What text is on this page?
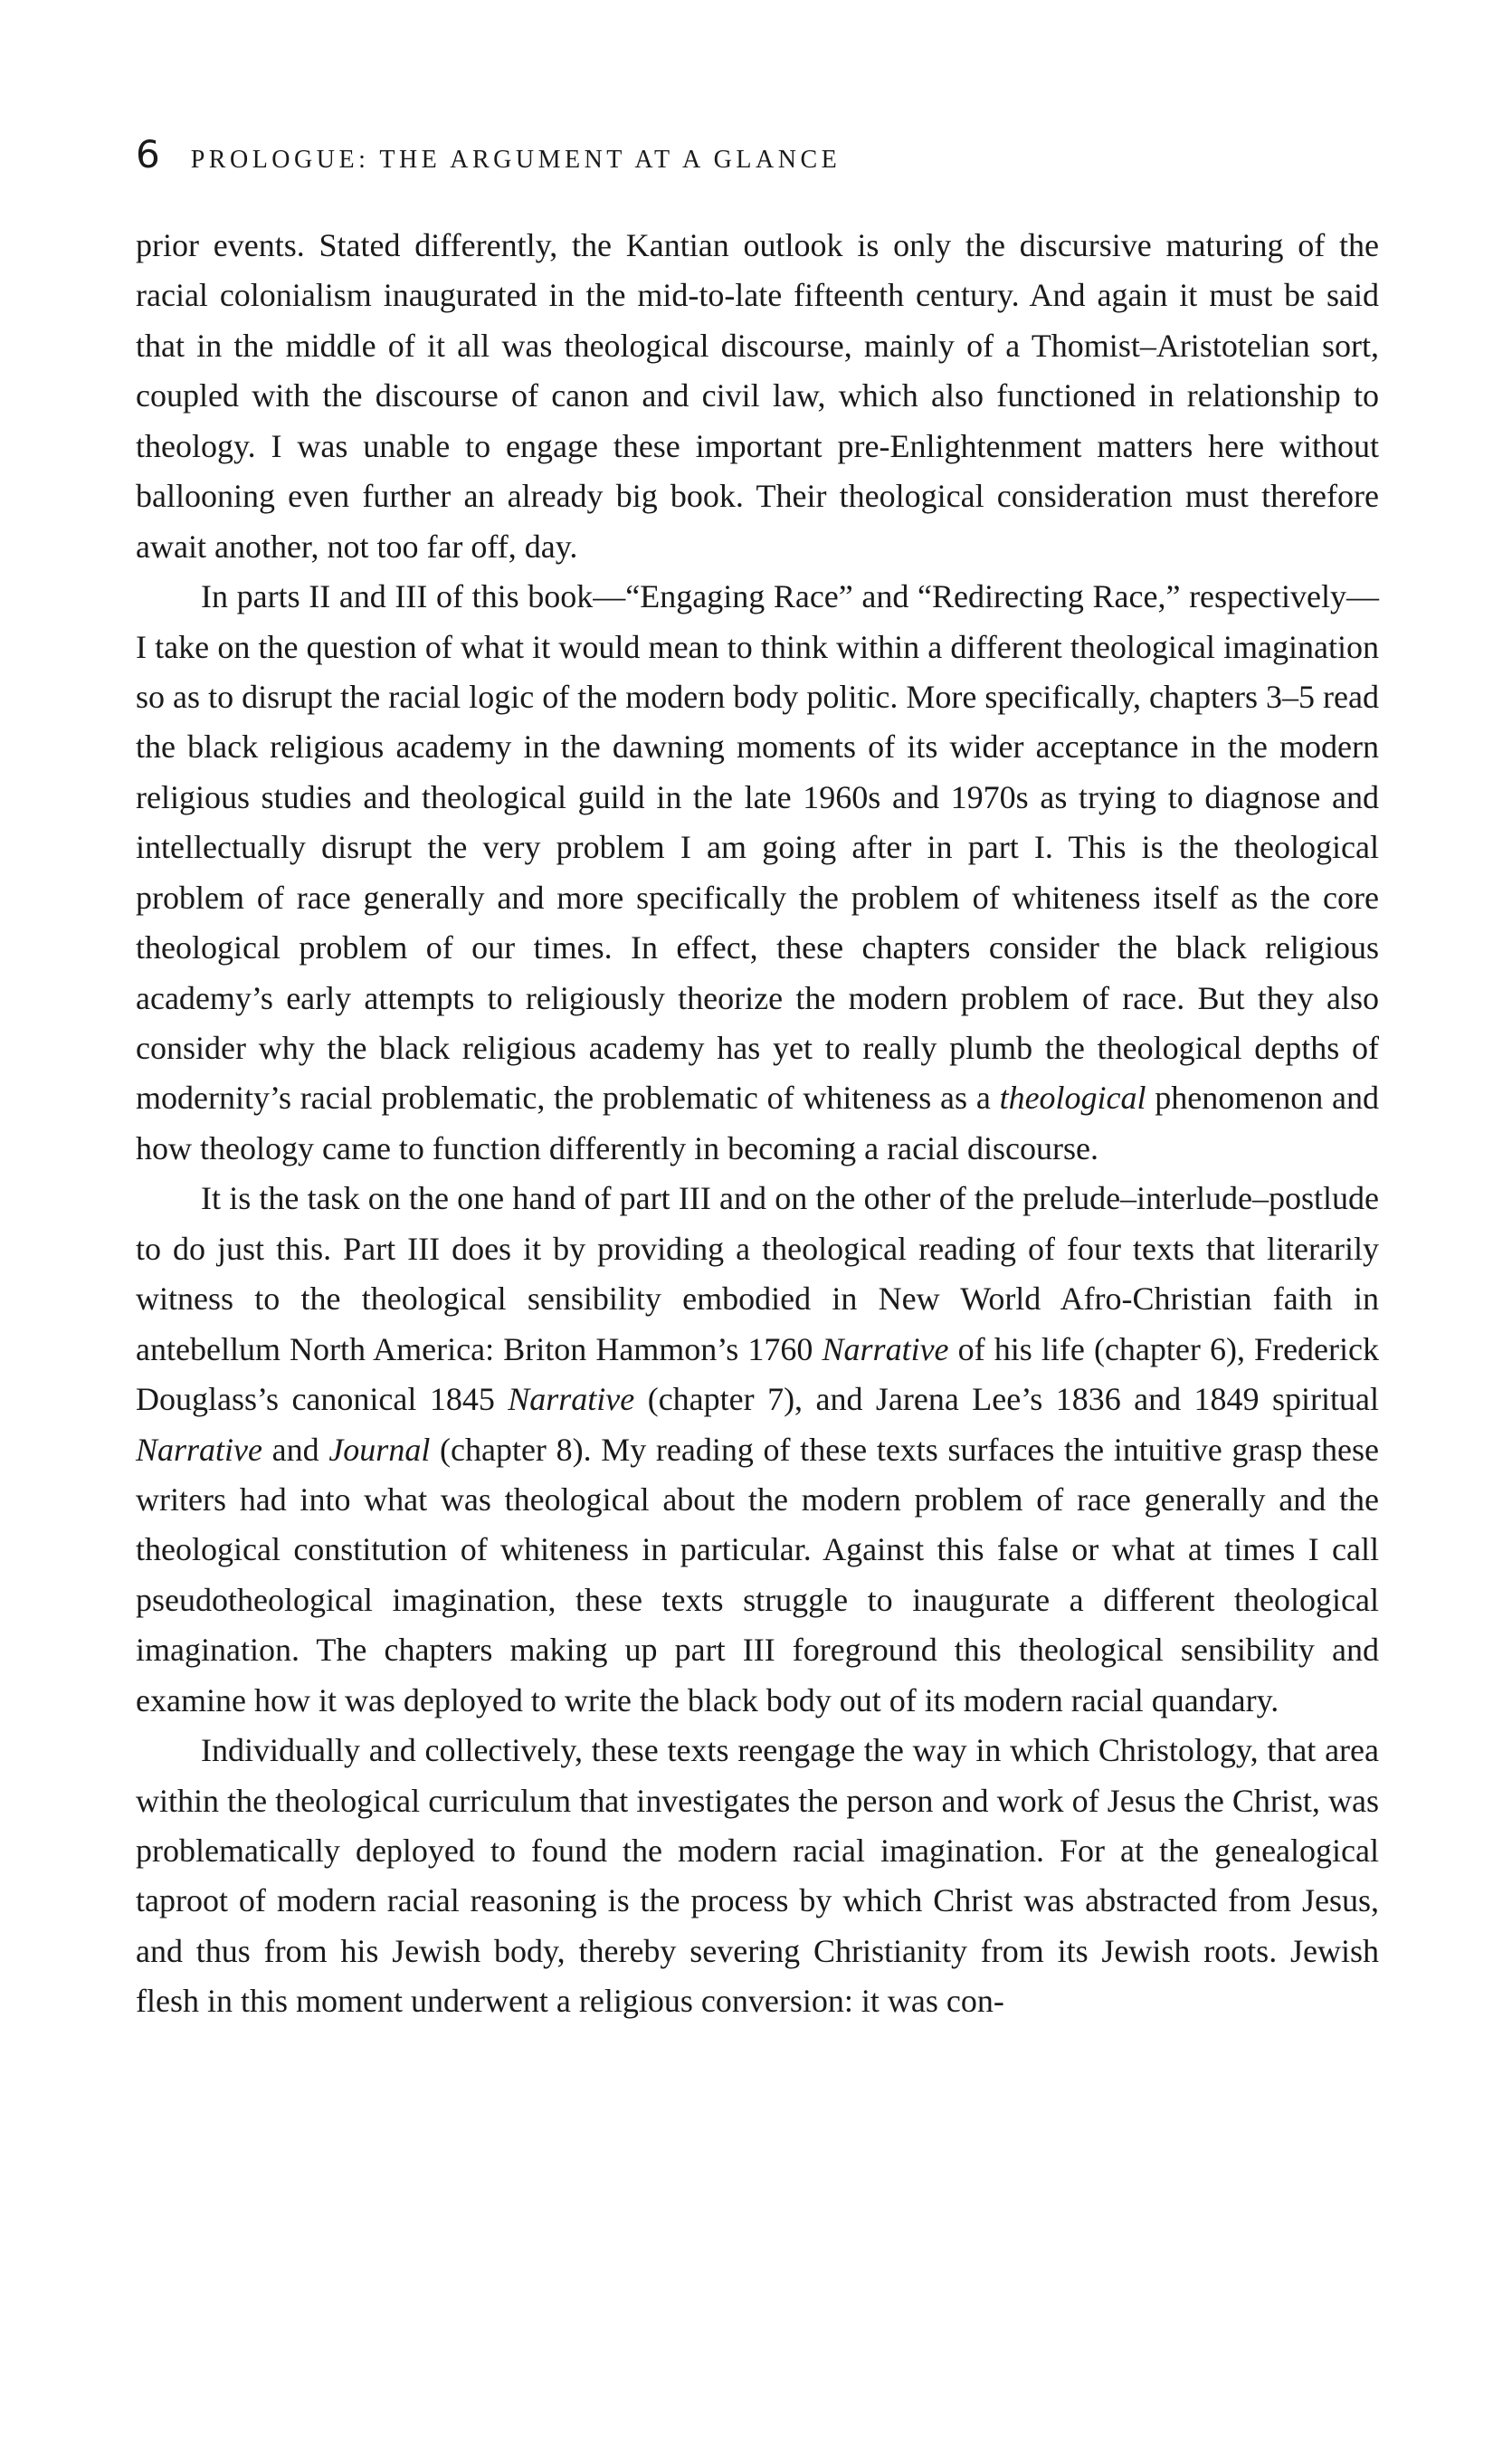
6 PROLOGUE: THE ARGUMENT AT A GLANCE

prior events. Stated differently, the Kantian outlook is only the discursive maturing of the racial colonialism inaugurated in the mid-to-late fifteenth century. And again it must be said that in the middle of it all was theological discourse, mainly of a Thomist–Aristotelian sort, coupled with the discourse of canon and civil law, which also functioned in relationship to theology. I was unable to engage these important pre-Enlightenment matters here without ballooning even further an already big book. Their theological consideration must therefore await another, not too far off, day.

In parts II and III of this book—“Engaging Race” and “Redirecting Race,” respectively—I take on the question of what it would mean to think within a different theological imagination so as to disrupt the racial logic of the modern body politic. More specifically, chapters 3–5 read the black religious academy in the dawning moments of its wider acceptance in the modern religious studies and theological guild in the late 1960s and 1970s as trying to diagnose and intellectually disrupt the very problem I am going after in part I. This is the theological problem of race generally and more specifically the problem of whiteness itself as the core theological problem of our times. In effect, these chapters consider the black religious academy’s early attempts to religiously theorize the modern problem of race. But they also consider why the black religious academy has yet to really plumb the theological depths of modernity’s racial problematic, the problematic of whiteness as a theological phenomenon and how theology came to function differently in becoming a racial discourse.

It is the task on the one hand of part III and on the other of the prelude–interlude–postlude to do just this. Part III does it by providing a theological reading of four texts that literarily witness to the theological sensibility embodied in New World Afro-Christian faith in antebellum North America: Briton Hammon’s 1760 Narrative of his life (chapter 6), Frederick Douglass’s canonical 1845 Narrative (chapter 7), and Jarena Lee’s 1836 and 1849 spiritual Narrative and Journal (chapter 8). My reading of these texts surfaces the intuitive grasp these writers had into what was theological about the modern problem of race generally and the theological constitution of whiteness in particular. Against this false or what at times I call pseudotheological imagination, these texts struggle to inaugurate a different theological imagination. The chapters making up part III foreground this theological sensibility and examine how it was deployed to write the black body out of its modern racial quandary.

Individually and collectively, these texts reengage the way in which Christology, that area within the theological curriculum that investigates the person and work of Jesus the Christ, was problematically deployed to found the modern racial imagination. For at the genealogical taproot of modern racial reasoning is the process by which Christ was abstracted from Jesus, and thus from his Jewish body, thereby severing Christianity from its Jewish roots. Jewish flesh in this moment underwent a religious conversion: it was con-
